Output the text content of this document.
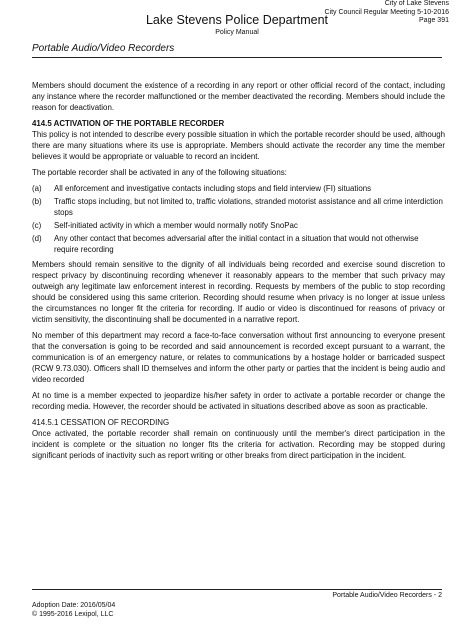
City of Lake Stevens
City Council Regular Meeting 5-10-2016
Page 391
Lake Stevens Police Department
Policy Manual
Portable Audio/Video Recorders

Members should document the existence of a recording in any report or other official record of the contact, including any instance where the recorder malfunctioned or the member deactivated the recording. Members should include the reason for deactivation.

414.5 ACTIVATION OF THE PORTABLE RECORDER

This policy is not intended to describe every possible situation in which the portable recorder should be used, although there are many situations where its use is appropriate. Members should activate the recorder any time the member believes it would be appropriate or valuable to record an incident.

The portable recorder shall be activated in any of the following situations:

(a)	All enforcement and investigative contacts including stops and field interview (FI) situations
(b)	Traffic stops including, but not limited to, traffic violations, stranded motorist assistance and all crime interdiction stops
(c)	Self-initiated activity in which a member would normally notify SnoPac
(d)	Any other contact that becomes adversarial after the initial contact in a situation that would not otherwise require recording

Members should remain sensitive to the dignity of all individuals being recorded and exercise sound discretion to respect privacy by discontinuing recording whenever it reasonably appears to the member that such privacy may outweigh any legitimate law enforcement interest in recording. Requests by members of the public to stop recording should be considered using this same criterion. Recording should resume when privacy is no longer at issue unless the circumstances no longer fit the criteria for recording. If audio or video is discontinued for reasons of privacy or victim sensitivity, the discontinuing shall be documented in a narrative report.

No member of this department may record a face-to-face conversation without first announcing to everyone present that the conversation is going to be recorded and said announcement is recorded except pursuant to a warrant, the communication is of an emergency nature, or relates to communications by a hostage holder or barricaded suspect (RCW 9.73.030). Officers shall ID themselves and inform the other party or parties that the incident is being audio and video recorded

At no time is a member expected to jeopardize his/her safety in order to activate a portable recorder or change the recording media. However, the recorder should be activated in situations described above as soon as practicable.

414.5.1 CESSATION OF RECORDING

Once activated, the portable recorder shall remain on continuously until the member's direct participation in the incident is complete or the situation no longer fits the criteria for activation. Recording may be stopped during significant periods of inactivity such as report writing or other breaks from direct participation in the incident.

Portable Audio/Video Recorders - 2
Adoption Date: 2016/05/04
© 1995-2016 Lexipol, LLC
